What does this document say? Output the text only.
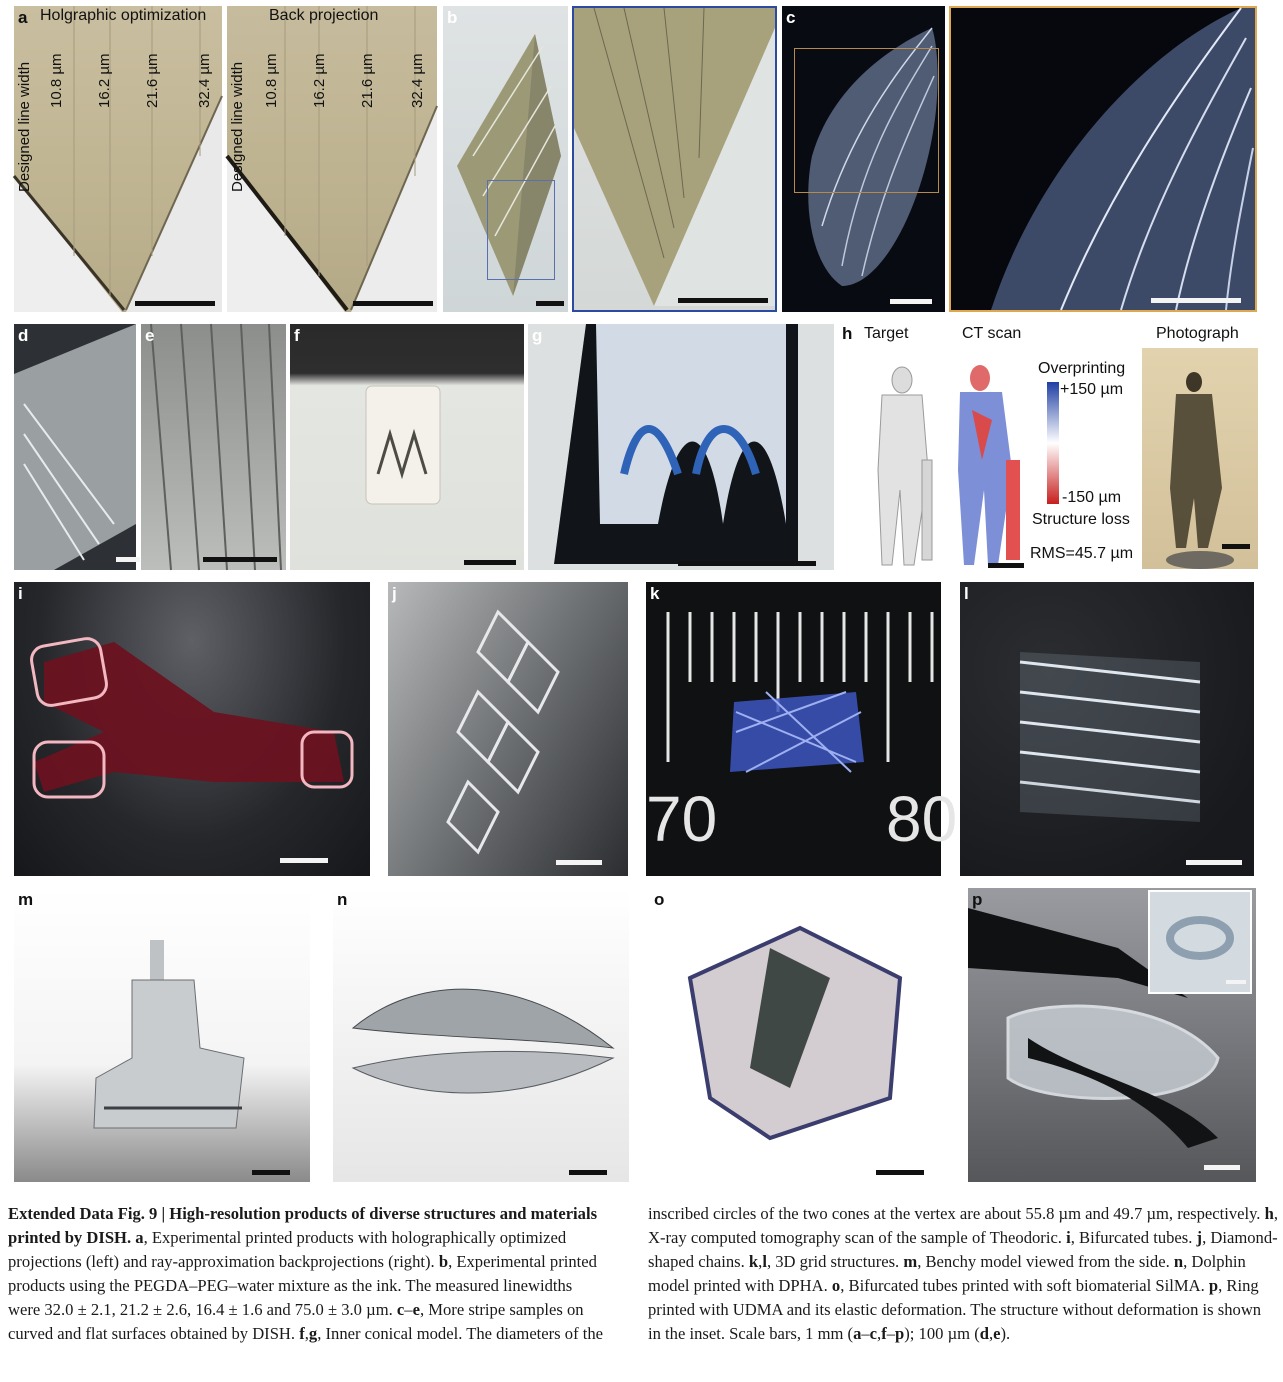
a Holgraphic optimization
Designed line width 10.8 µm 16.2 µm 21.6 µm 32.4 µm
Back projection
Designed line width 10.8 µm 16.2 µm 21.6 µm 32.4 µm
b	c
d	e	f	g	h Target	CT scan	Photograph
Overprinting
+150 µm
-150 µm
Structure loss
RMS=45.7 µm
i	j	k
70	80
l
m	n	o	p
Extended Data Fig. 9 | High-resolution products of diverse structures and materials printed by DISH. a, Experimental printed products with holographically optimized projections (left) and ray-approximation backprojections (right). b, Experimental printed products using the PEGDA–PEG–water mixture as the ink. The measured linewidths were 32.0 ± 2.1, 21.2 ± 2.6, 16.4 ± 1.6 and 75.0 ± 3.0 µm. c–e, More stripe samples on curved and flat surfaces obtained by DISH. f,g, Inner conical model. The diameters of the
inscribed circles of the two cones at the vertex are about 55.8 µm and 49.7 µm, respectively. h, X-ray computed tomography scan of the sample of Theodoric. i, Bifurcated tubes. j, Diamond-shaped chains. k,l, 3D grid structures. m, Benchy model viewed from the side. n, Dolphin model printed with DPHA. o, Bifurcated tubes printed with soft biomaterial SilMA. p, Ring printed with UDMA and its elastic deformation. The structure without deformation is shown in the inset. Scale bars, 1 mm (a–c,f–p); 100 µm (d,e).
